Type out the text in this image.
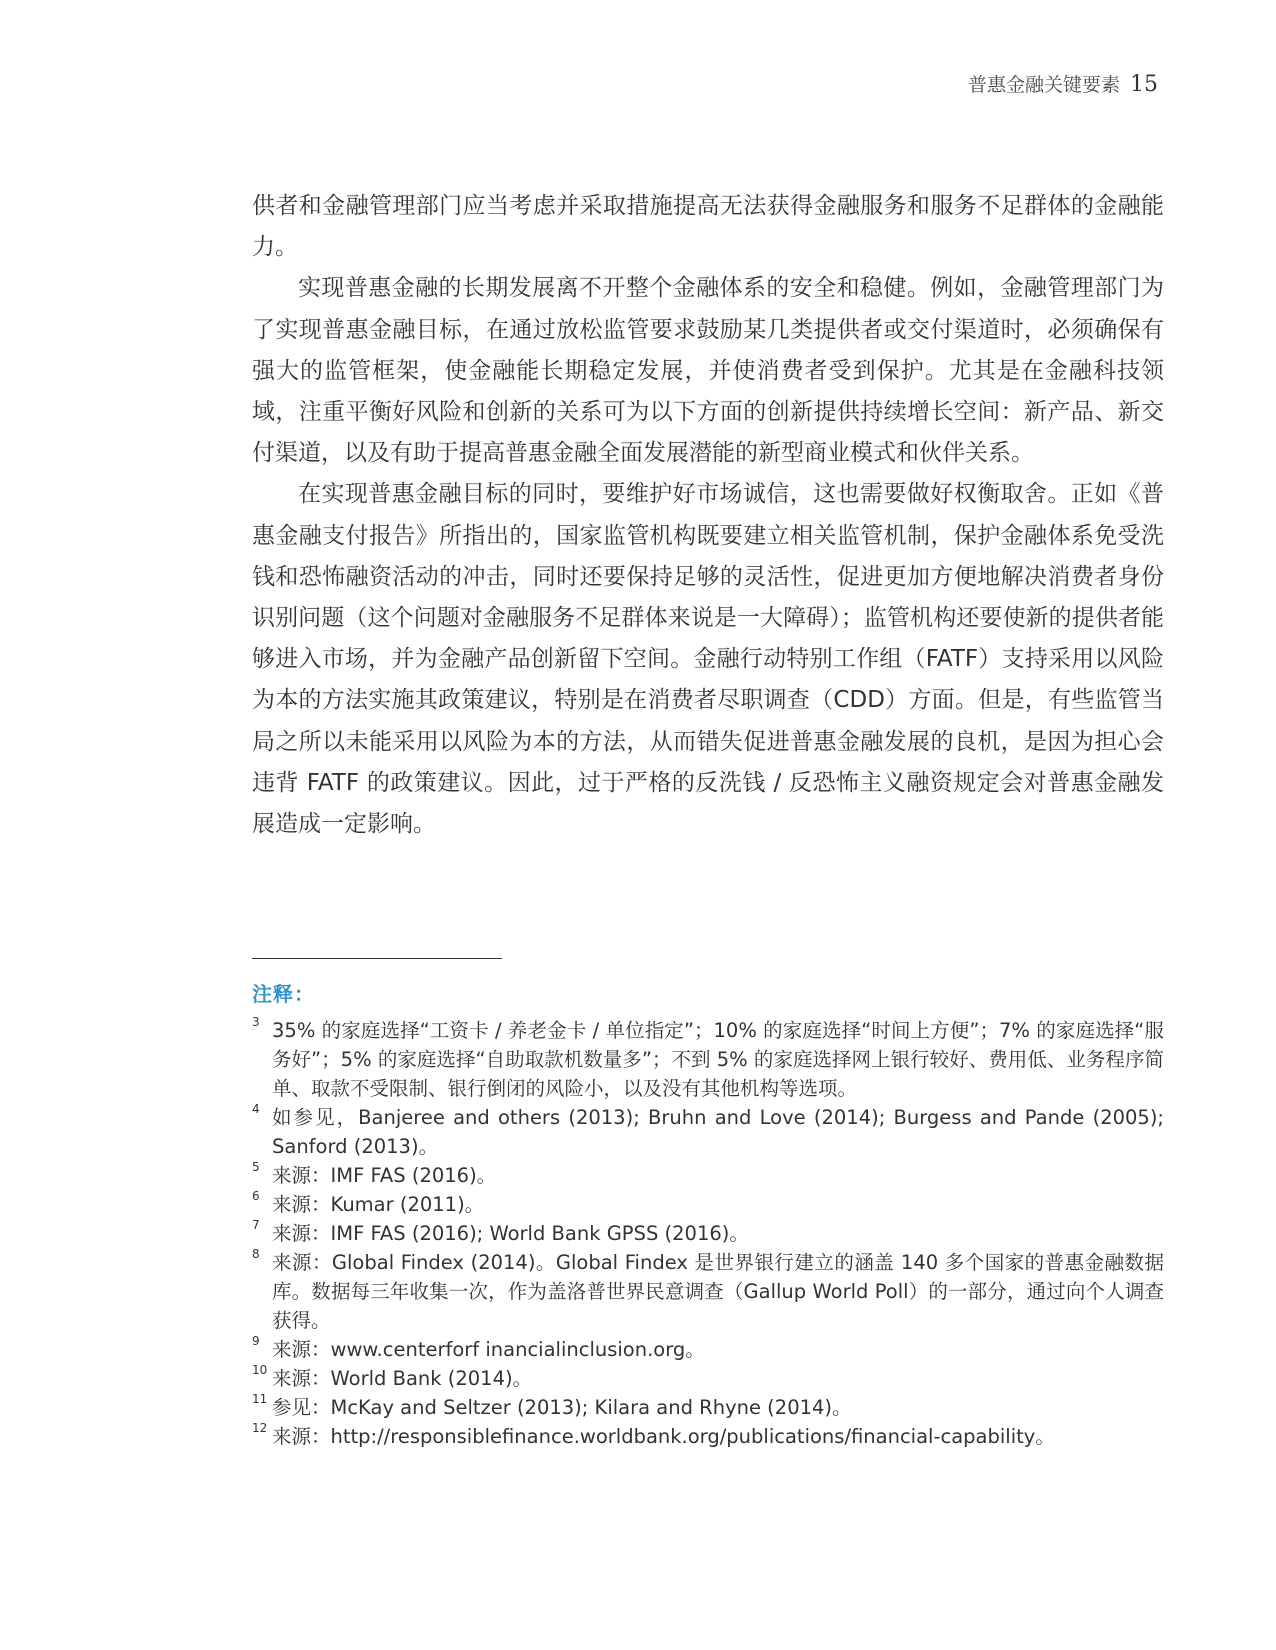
普惠金融关键要素 15

供者和金融管理部门应当考虑并采取措施提高无法获得金融服务和服务不足群体的金融能力。

实现普惠金融的长期发展离不开整个金融体系的安全和稳健。例如，金融管理部门为了实现普惠金融目标，在通过放松监管要求鼓励某几类提供者或交付渠道时，必须确保有强大的监管框架，使金融能长期稳定发展，并使消费者受到保护。尤其是在金融科技领域，注重平衡好风险和创新的关系可为以下方面的创新提供持续增长空间：新产品、新交付渠道，以及有助于提高普惠金融全面发展潜能的新型商业模式和伙伴关系。

在实现普惠金融目标的同时，要维护好市场诚信，这也需要做好权衡取舍。正如《普惠金融支付报告》所指出的，国家监管机构既要建立相关监管机制，保护金融体系免受洗钱和恐怖融资活动的冲击，同时还要保持足够的灵活性，促进更加方便地解决消费者身份识别问题（这个问题对金融服务不足群体来说是一大障碍）；监管机构还要使新的提供者能够进入市场，并为金融产品创新留下空间。金融行动特别工作组（FATF）支持采用以风险为本的方法实施其政策建议，特别是在消费者尽职调查（CDD）方面。但是，有些监管当局之所以未能采用以风险为本的方法，从而错失促进普惠金融发展的良机，是因为担心会违背 FATF 的政策建议。因此，过于严格的反洗钱 / 反恐怖主义融资规定会对普惠金融发展造成一定影响。

注释：
3 35% 的家庭选择“工资卡 / 养老金卡 / 单位指定”；10% 的家庭选择“时间上方便”；7% 的家庭选择“服务好”；5% 的家庭选择“自助取款机数量多”；不到 5% 的家庭选择网上银行较好、费用低、业务程序简单、取款不受限制、银行倒闭的风险小，以及没有其他机构等选项。
4 如参见，Banjeree and others (2013); Bruhn and Love (2014); Burgess and Pande (2005); Sanford (2013)。
5 来源：IMF FAS (2016)。
6 来源：Kumar (2011)。
7 来源：IMF FAS (2016); World Bank GPSS (2016)。
8 来源：Global Findex (2014)。Global Findex 是世界银行建立的涵盖 140 多个国家的普惠金融数据库。数据每三年收集一次，作为盖洛普世界民意调查（Gallup World Poll）的一部分，通过向个人调查获得。
9 来源：www.centerforf inancialinclusion.org。
10 来源：World Bank (2014)。
11 参见：McKay and Seltzer (2013); Kilara and Rhyne (2014)。
12 来源：http://responsiblefinance.worldbank.org/publications/financial-capability。
